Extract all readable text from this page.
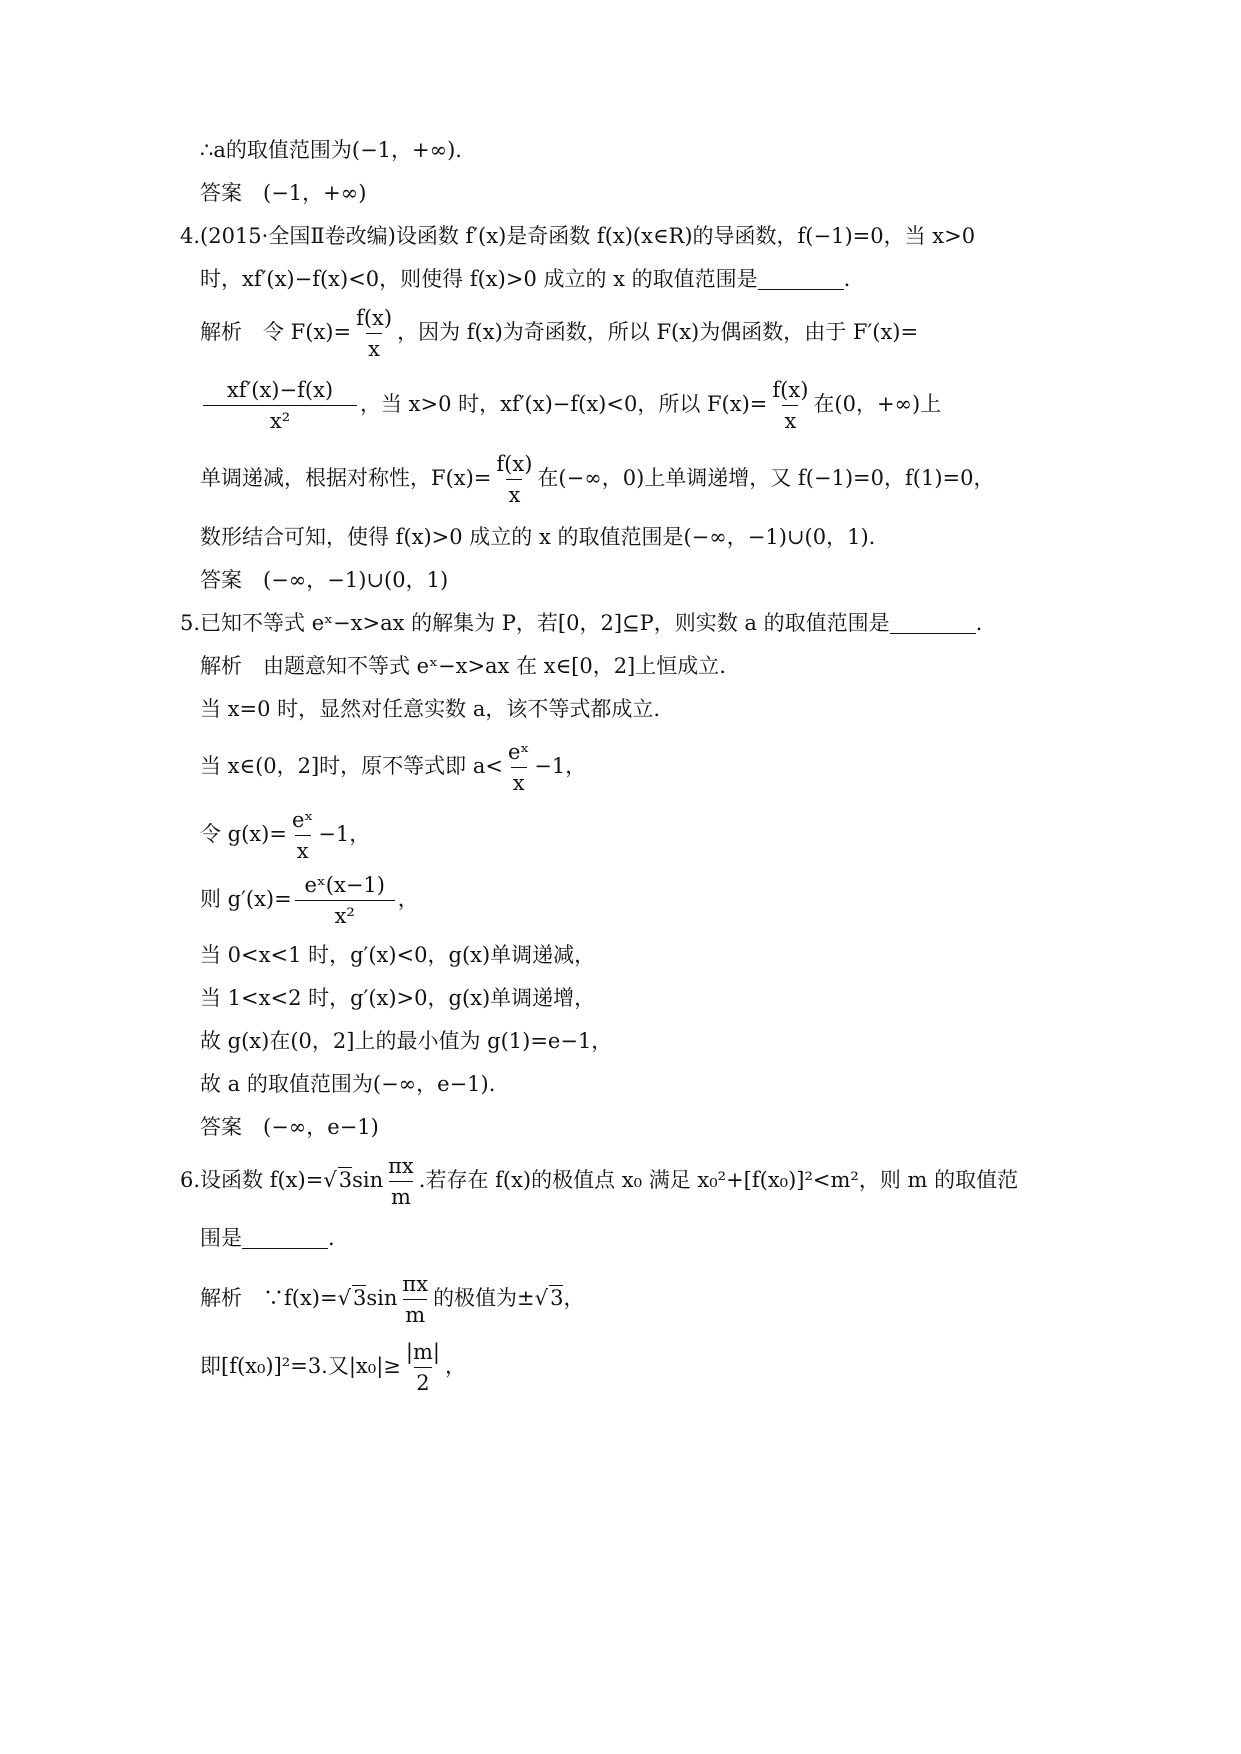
∴a的取值范围为(−1，+∞).
答案　(−1，+∞)
4.(2015·全国Ⅱ卷改编)设函数 f′(x)是奇函数 f(x)(x∈R)的导函数，f(−1)=0，当 x>0
时，xf′(x)−f(x)<0，则使得 f(x)>0 成立的 x 的取值范围是	.
解析　令 $F(x)= \frac{f(x)}{x}$ ，因为 f(x)为奇函数，所以 F(x)为偶函数，由于 F′(x)=
$\frac{xf'(x)-f(x)}{\text{x²}}$ ，当 x>0 时，xf′(x)−f(x)<0，所以 $F(x)= \frac{f(x)}{x}$ 在(0，+∞)上
单调递减，根据对称性，$F(x)= \frac{f(x)}{x}$ 在(−∞，0)上单调递增，又 f(−1)=0，f(1)=0，
数形结合可知，使得 f(x)>0 成立的 x 的取值范围是(−∞，−1)∪(0，1).
答案　(−∞，−1)∪(0，1)
5.已知不等式 eˣ−x>ax 的解集为 P，若[0，2]⊆P，则实数 a 的取值范围是	.
解析　由题意知不等式 eˣ−x>ax 在 x∈[0，2]上恒成立.
当 x=0 时，显然对任意实数 a，该不等式都成立.
当 x∈(0，2]时，原不等式即 $a< \frac{\text{eˣ}}{x} -1$，
令 $g(x)= \frac{\text{eˣ}}{x} -1$，
则 $g'(x)= \frac{\text{eˣ(x−1)}}{\text{x²}}$ ，
当 0<x<1 时，g′(x)<0，g(x)单调递减，
当 1<x<2 时，g′(x)>0，g(x)单调递增，
故 g(x)在(0，2]上的最小值为 g(1)=e−1，
故 a 的取值范围为(−∞，e−1).
答案　(−∞，e−1)
6.设函数 $f(x)=√3\sin \frac{\pi x}{m}$ .若存在 f(x)的极值点 x₀ 满足 x₀²+[f(x₀)]²<m²，则 m 的取值范
围是	.
解析　∵f(x)=√3sin $\frac{\pi x}{m}$ 的极值为±√3，
即[f(x₀)]²=3.又$|x_0|\ge \frac{|m|}{2}$ ，
